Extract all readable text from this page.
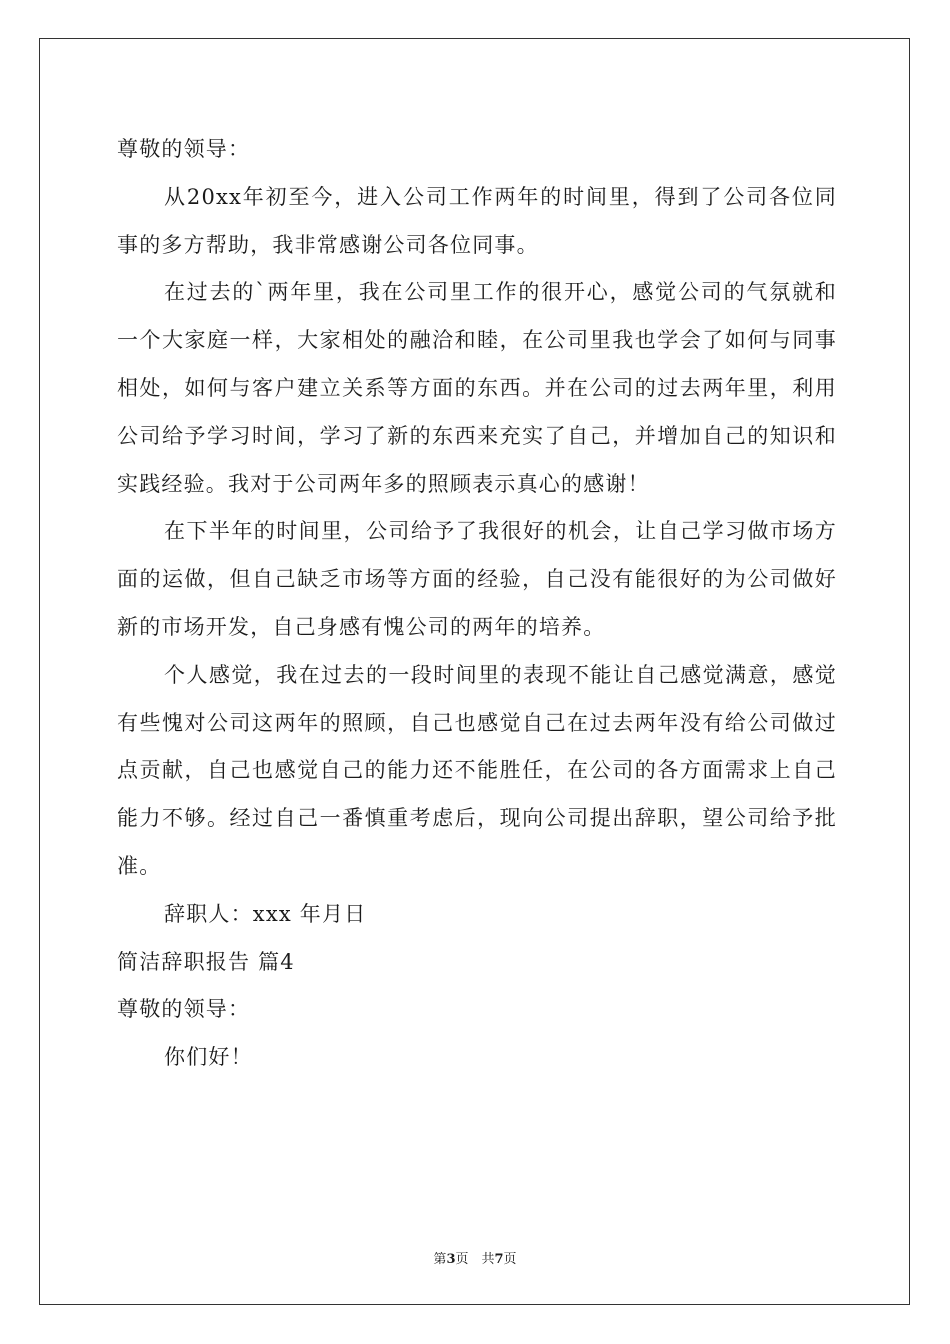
尊敬的领导：

从20xx年初至今，进入公司工作两年的时间里，得到了公司各位同事的多方帮助，我非常感谢公司各位同事。

在过去的`两年里，我在公司里工作的很开心，感觉公司的气氛就和一个大家庭一样，大家相处的融洽和睦，在公司里我也学会了如何与同事相处，如何与客户建立关系等方面的东西。并在公司的过去两年里，利用公司给予学习时间，学习了新的东西来充实了自己，并增加自己的知识和实践经验。我对于公司两年多的照顾表示真心的感谢！

在下半年的时间里，公司给予了我很好的机会，让自己学习做市场方面的运做，但自己缺乏市场等方面的经验，自己没有能很好的为公司做好新的市场开发，自己身感有愧公司的两年的培养。

个人感觉，我在过去的一段时间里的表现不能让自己感觉满意，感觉有些愧对公司这两年的照顾，自己也感觉自己在过去两年没有给公司做过点贡献，自己也感觉自己的能力还不能胜任，在公司的各方面需求上自己能力不够。经过自己一番慎重考虑后，现向公司提出辞职，望公司给予批准。

辞职人：xxx 年月日
简洁辞职报告 篇4
尊敬的领导：
你们好！
第3页　共7页
